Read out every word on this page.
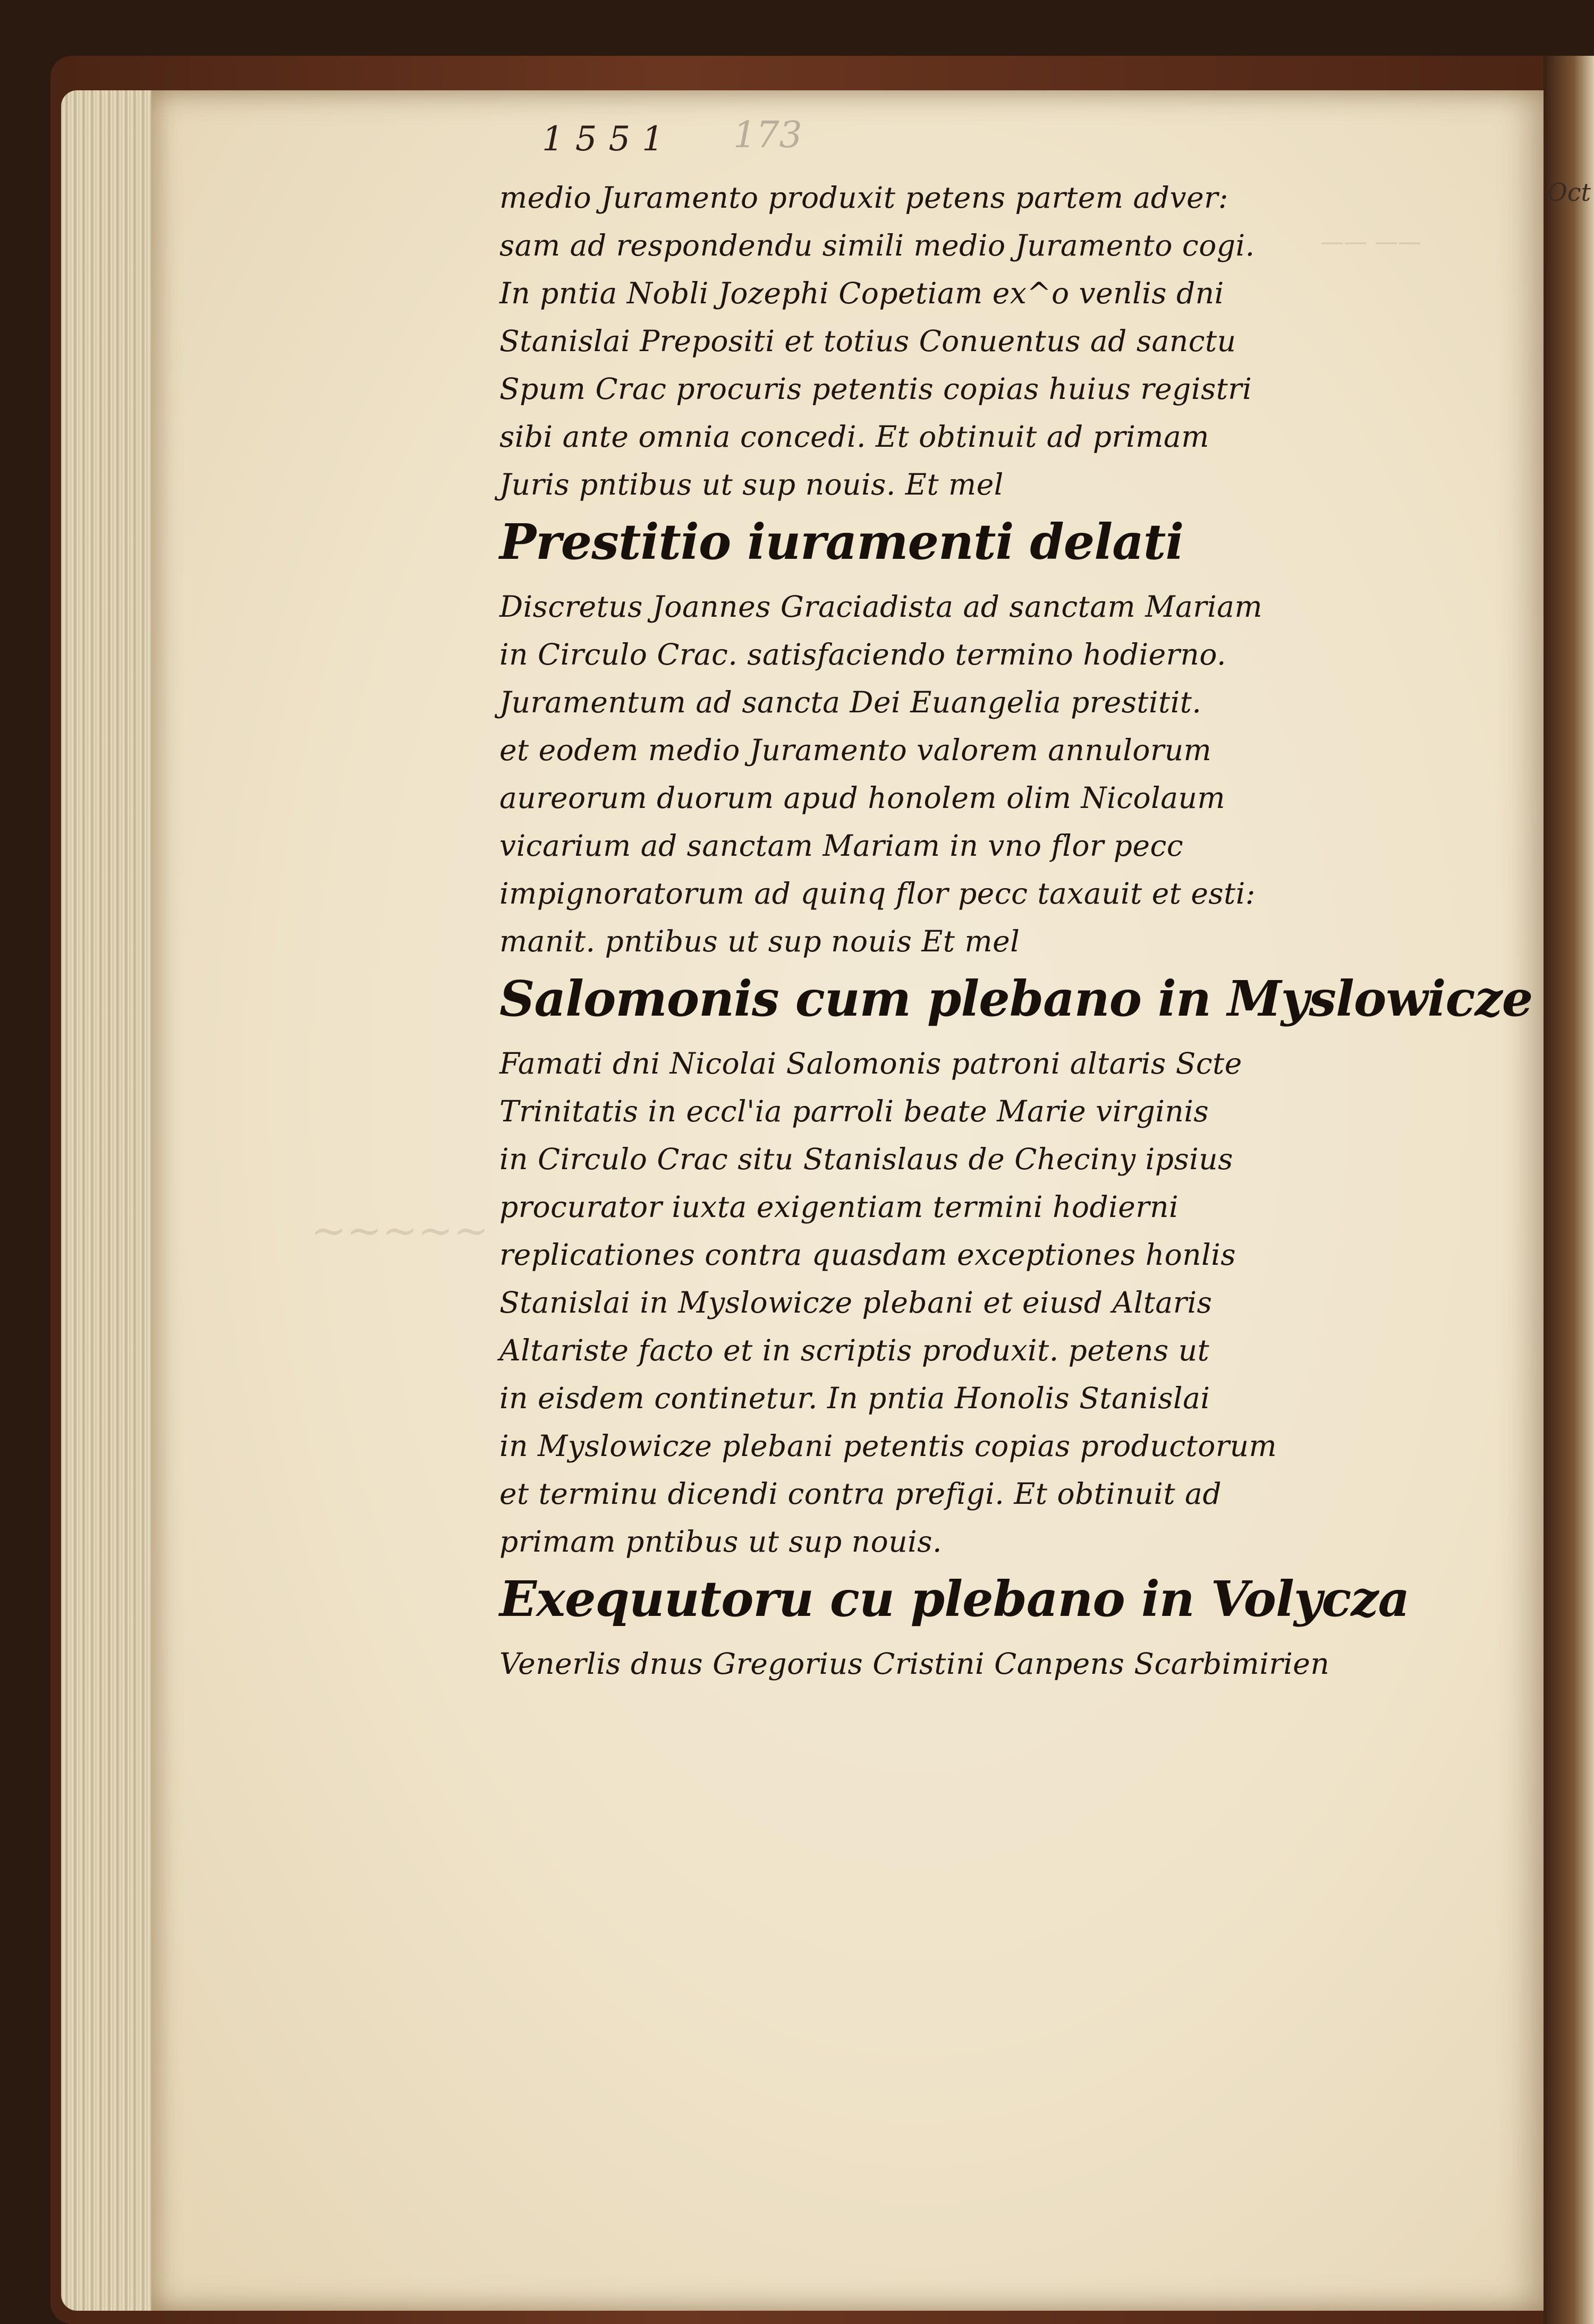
—— ——
∼∼∼∼∼
Oct
1551 173
medio Juramento produxit petens partem adver:
sam ad respondendu simili medio Juramento cogi.
In pntia Nobli Jozephi Copetiam ex^o venlis dni
Stanislai Prepositi et totius Conuentus ad sanctu
Spum Crac procuris petentis copias huius registri
sibi ante omnia concedi. Et obtinuit ad primam
Juris pntibus ut sup nouis. Et mel
Prestitio iuramenti delati
Discretus Joannes Graciadista ad sanctam Mariam
in Circulo Crac. satisfaciendo termino hodierno.
Juramentum ad sancta Dei Euangelia prestitit.
et eodem medio Juramento valorem annulorum
aureorum duorum apud honolem olim Nicolaum
vicarium ad sanctam Mariam in vno flor pecc
impignoratorum ad quinq flor pecc taxauit et esti:
manit. pntibus ut sup nouis Et mel
Salomonis cum plebano in Myslowicze
Famati dni Nicolai Salomonis patroni altaris Scte
Trinitatis in eccl'ia parroli beate Marie virginis
in Circulo Crac situ Stanislaus de Checiny ipsius
procurator iuxta exigentiam termini hodierni
replicationes contra quasdam exceptiones honlis
Stanislai in Myslowicze plebani et eiusd Altaris
Altariste facto et in scriptis produxit. petens ut
in eisdem continetur. In pntia Honolis Stanislai
in Myslowicze plebani petentis copias productorum
et terminu dicendi contra prefigi. Et obtinuit ad
primam pntibus ut sup nouis.
Exequutoru cu plebano in Volycza
Venerlis dnus Gregorius Cristini Canpens Scarbimirien
